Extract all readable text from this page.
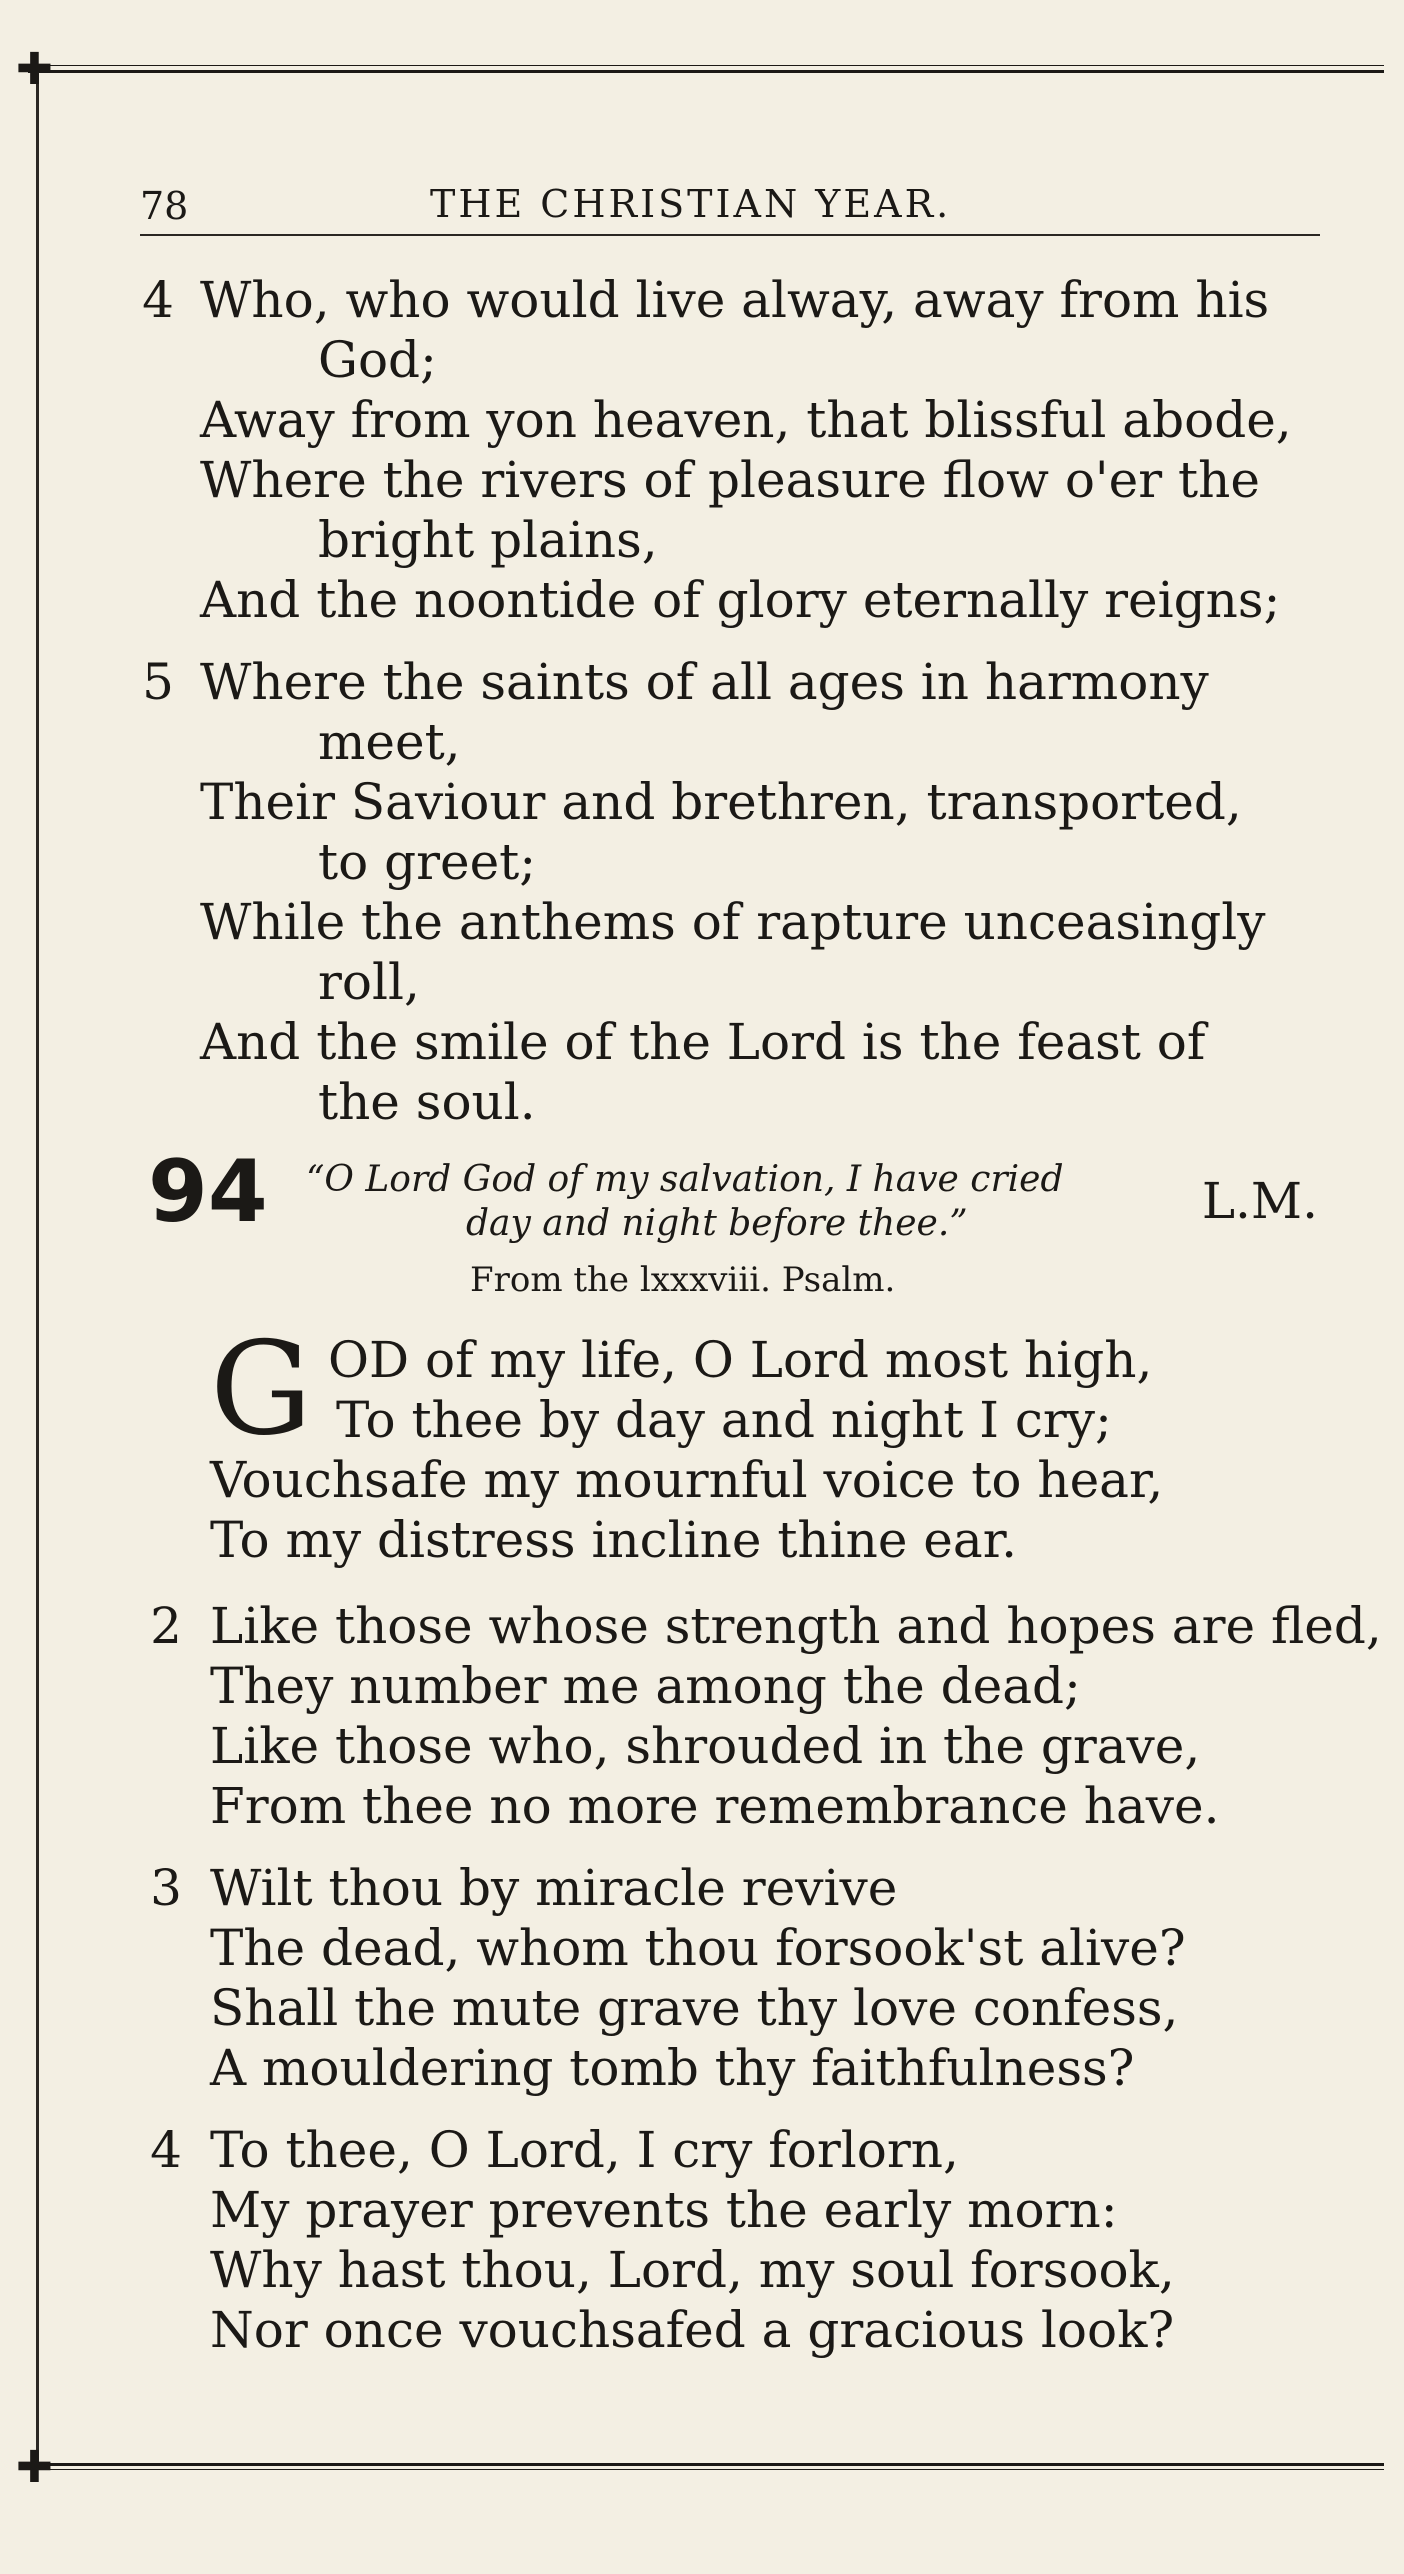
✚
✚
78	THE CHRISTIAN YEAR.
4 Who, who would live alway, away from his
God;
Away from yon heaven, that blissful abode,
Where the rivers of pleasure flow o'er the
bright plains,
And the noontide of glory eternally reigns;
5 Where the saints of all ages in harmony
meet,
Their Saviour and brethren, transported,
to greet;
While the anthems of rapture unceasingly
roll,
And the smile of the Lord is the feast of
the soul.
94 “O Lord God of my salvation, I have cried
day and night before thee.”	L.M.
From the lxxxviii. Psalm.
G OD of my life, O Lord most high,
To thee by day and night I cry;
Vouchsafe my mournful voice to hear,
To my distress incline thine ear.
2 Like those whose strength and hopes are fled,
They number me among the dead;
Like those who, shrouded in the grave,
From thee no more remembrance have.
3 Wilt thou by miracle revive
The dead, whom thou forsook'st alive?
Shall the mute grave thy love confess,
A mouldering tomb thy faithfulness?
4 To thee, O Lord, I cry forlorn,
My prayer prevents the early morn:
Why hast thou, Lord, my soul forsook,
Nor once vouchsafed a gracious look?
